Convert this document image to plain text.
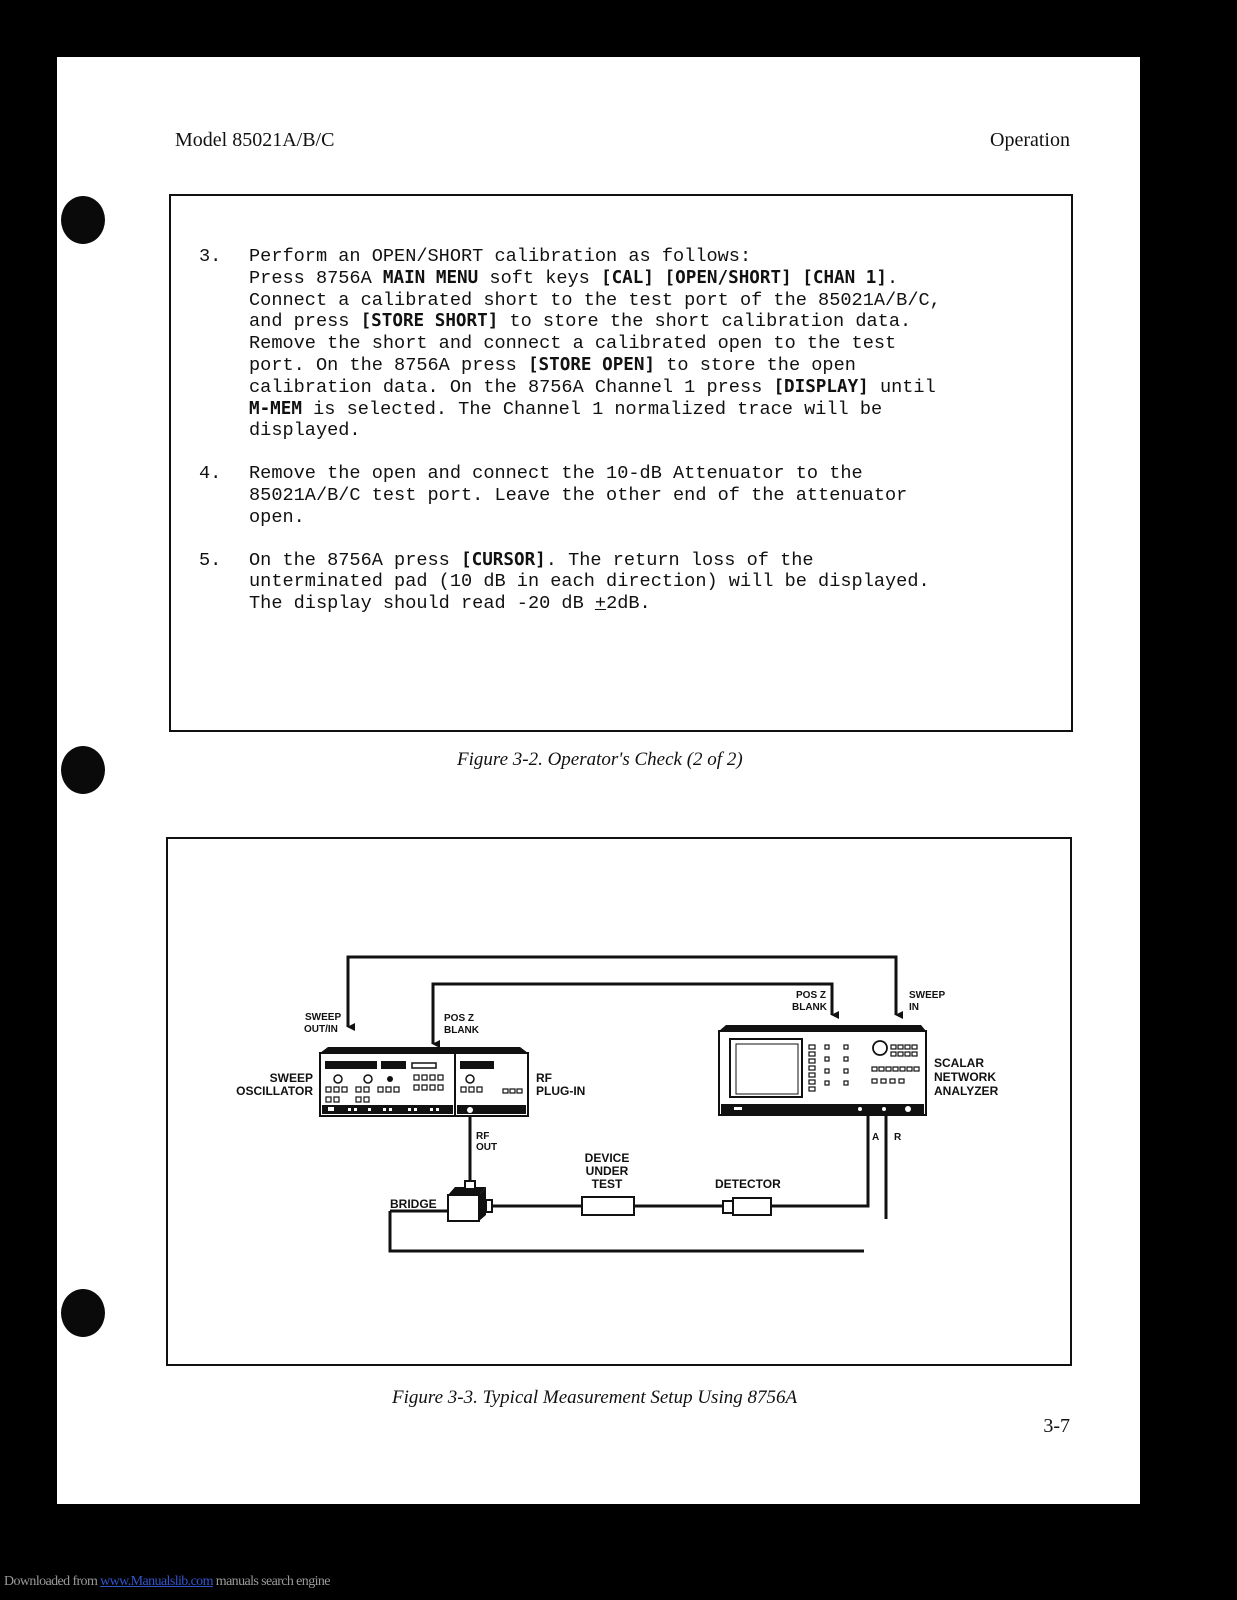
Model 85021A/B/C	Operation
3. Perform an OPEN/SHORT calibration as follows:
Press 8756A MAIN MENU soft keys [CAL] [OPEN/SHORT] [CHAN 1].
Connect a calibrated short to the test port of the 85021A/B/C,
and press [STORE SHORT] to store the short calibration data.
Remove the short and connect a calibrated open to the test
port. On the 8756A press [STORE OPEN] to store the open
calibration data. On the 8756A Channel 1 press [DISPLAY] until
M-MEM is selected. The Channel 1 normalized trace will be
displayed.
4. Remove the open and connect the 10-dB Attenuator to the
85021A/B/C test port. Leave the other end of the attenuator
open.
5. On the 8756A press [CURSOR]. The return loss of the
unterminated pad (10 dB in each direction) will be displayed.
The display should read -20 dB +2dB.
Figure 3-2. Operator's Check (2 of 2)
SWEEP
OUT/IN
POS Z
BLANK
POS Z
BLANK
SWEEP
IN
RF
OUT
A R
SWEEP
OSCILLATOR
RF
PLUG-IN
SCALAR
NETWORK
ANALYZER
DEVICE
UNDER
TEST	DETECTOR
BRIDGE
Figure 3-3. Typical Measurement Setup Using 8756A
3-7
Downloaded from www.Manualslib.com manuals search engine
